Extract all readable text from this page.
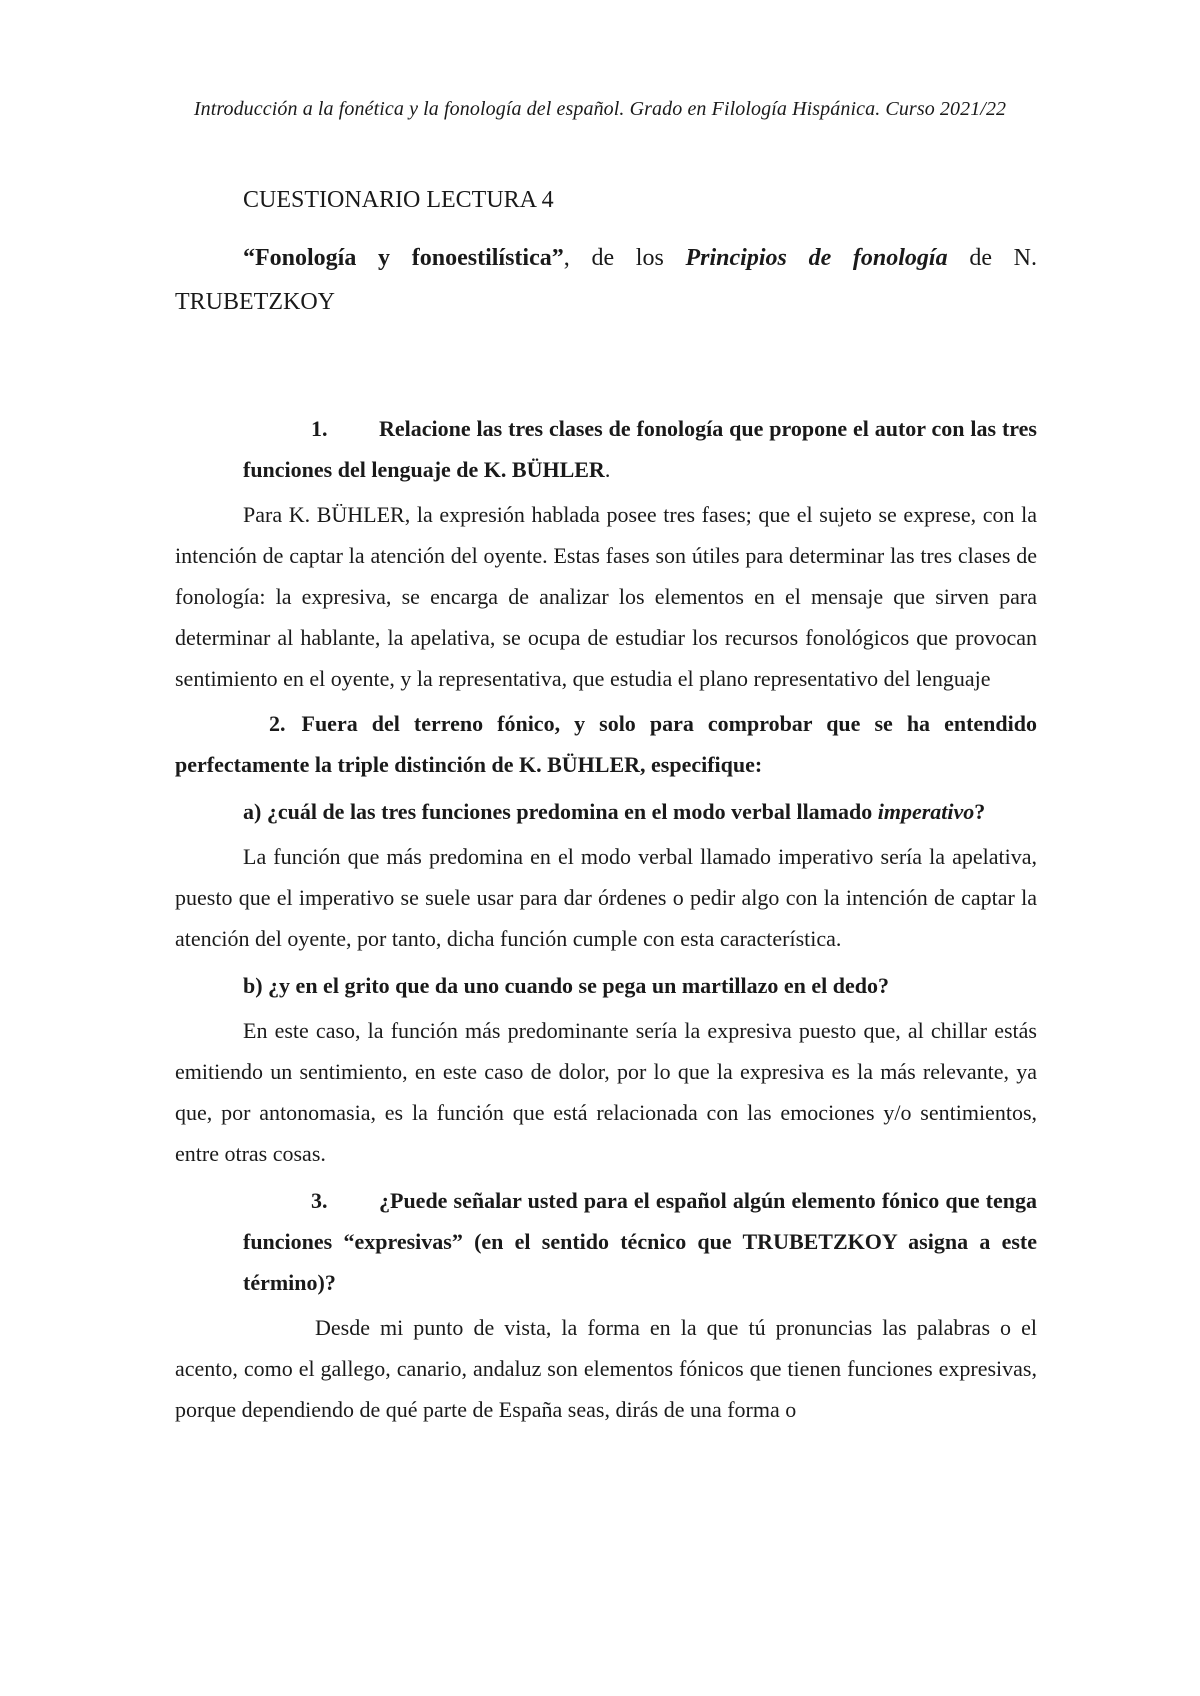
Introducción a la fonética y la fonología del español. Grado en Filología Hispánica. Curso 2021/22
CUESTIONARIO LECTURA 4

“Fonología y fonoestilística”, de los Principios de fonología de N. TRUBETZKOY

1. Relacione las tres clases de fonología que propone el autor con las tres funciones del lenguaje de K. BÜHLER.

Para K. BÜHLER, la expresión hablada posee tres fases; que el sujeto se exprese, con la intención de captar la atención del oyente. Estas fases son útiles para determinar las tres clases de fonología: la expresiva, se encarga de analizar los elementos en el mensaje que sirven para determinar al hablante, la apelativa, se ocupa de estudiar los recursos fonológicos que provocan sentimiento en el oyente, y la representativa, que estudia el plano representativo del lenguaje

2. Fuera del terreno fónico, y solo para comprobar que se ha entendido perfectamente la triple distinción de K. BÜHLER, especifique:

a) ¿cuál de las tres funciones predomina en el modo verbal llamado imperativo?

La función que más predomina en el modo verbal llamado imperativo sería la apelativa, puesto que el imperativo se suele usar para dar órdenes o pedir algo con la intención de captar la atención del oyente, por tanto, dicha función cumple con esta característica.

b) ¿y en el grito que da uno cuando se pega un martillazo en el dedo?

En este caso, la función más predominante sería la expresiva puesto que, al chillar estás emitiendo un sentimiento, en este caso de dolor, por lo que la expresiva es la más relevante, ya que, por antonomasia, es la función que está relacionada con las emociones y/o sentimientos, entre otras cosas.

3. ¿Puede señalar usted para el español algún elemento fónico que tenga funciones “expresivas” (en el sentido técnico que TRUBETZKOY asigna a este término)?

Desde mi punto de vista, la forma en la que tú pronuncias las palabras o el acento, como el gallego, canario, andaluz son elementos fónicos que tienen funciones expresivas, porque dependiendo de qué parte de España seas, dirás de una forma o
